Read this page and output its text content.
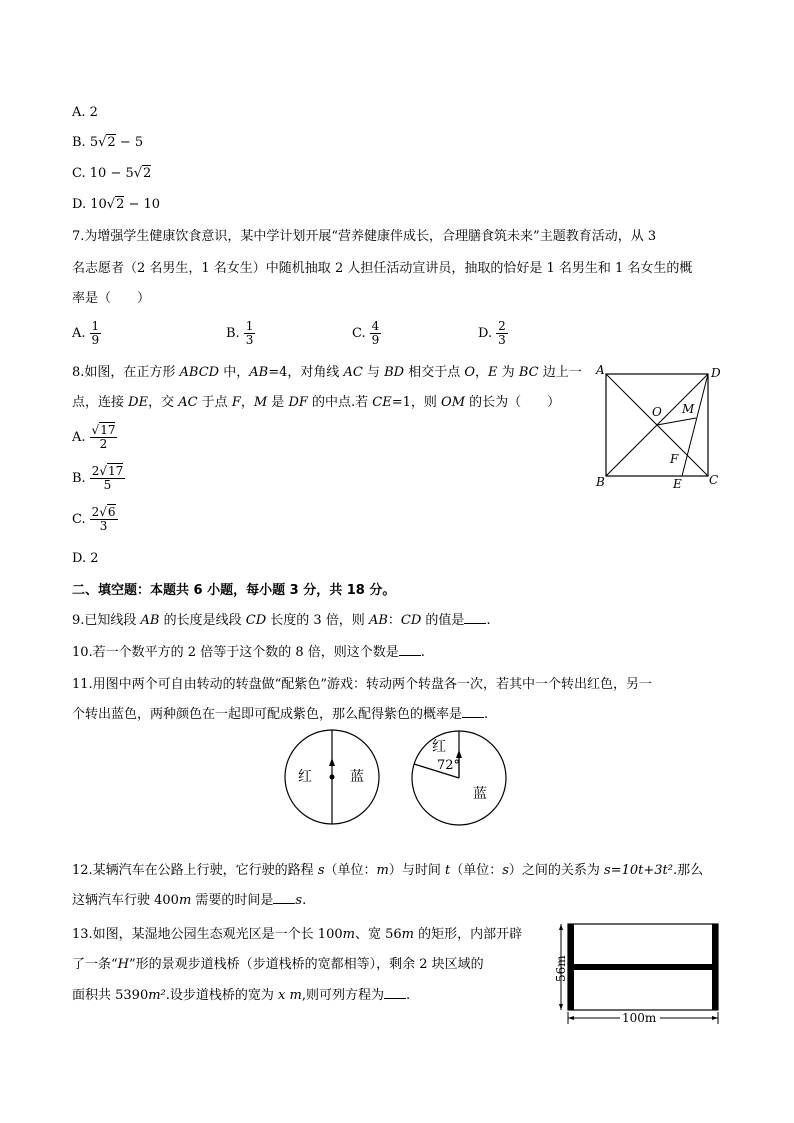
A. 2
B. 5√2 − 5
C. 10 − 5√2
D. 10√2 − 10
7.为增强学生健康饮食意识，某中学计划开展“营养健康伴成长，合理膳食筑未来”主题教育活动，从 3
名志愿者（2 名男生，1 名女生）中随机抽取 2 人担任活动宣讲员，抽取的恰好是 1 名男生和 1 名女生的概
率是（　　）
A. $\frac{1}{9}$	B. $\frac{1}{3}$	C. $\frac{4}{9}$	D. $\frac{2}{3}$
8.如图，在正方形 ABCD 中，AB=4，对角线 AC 与 BD 相交于点 O，E 为 BC 边上一
点，连接 DE，交 AC 于点 F，M 是 DF 的中点.若 CE=1，则 OM 的长为（　　）
A. $\frac{√17}{2}$
B. $\frac{2√17}{5}$
C. $\frac{2√6}{3}$
D. 2
A	D
B	C
O M
F
E
二、填空题：本题共 6 小题，每小题 3 分，共 18 分。
9.已知线段 AB 的长度是线段 CD 长度的 3 倍，则 AB：CD 的值是 .
10.若一个数平方的 2 倍等于这个数的 8 倍，则这个数是 .
11.用图中两个可自由转动的转盘做“配紫色”游戏：转动两个转盘各一次，若其中一个转出红色，另一
个转出蓝色，两种颜色在一起即可配成紫色，那么配得紫色的概率是 .
红	蓝
红
72°
蓝
12.某辆汽车在公路上行驶，它行驶的路程 s（单位：m）与时间 t（单位：s）之间的关系为 s=10t+3t².那么
这辆汽车行驶 400m 需要的时间是 s.
13.如图，某湿地公园生态观光区是一个长 100m、宽 56m 的矩形，内部开辟
了一条“H”形的景观步道栈桥（步道栈桥的宽都相等），剩余 2 块区域的
面积共 5390m².设步道栈桥的宽为 x m,则可列方程为 .
56m
100m
